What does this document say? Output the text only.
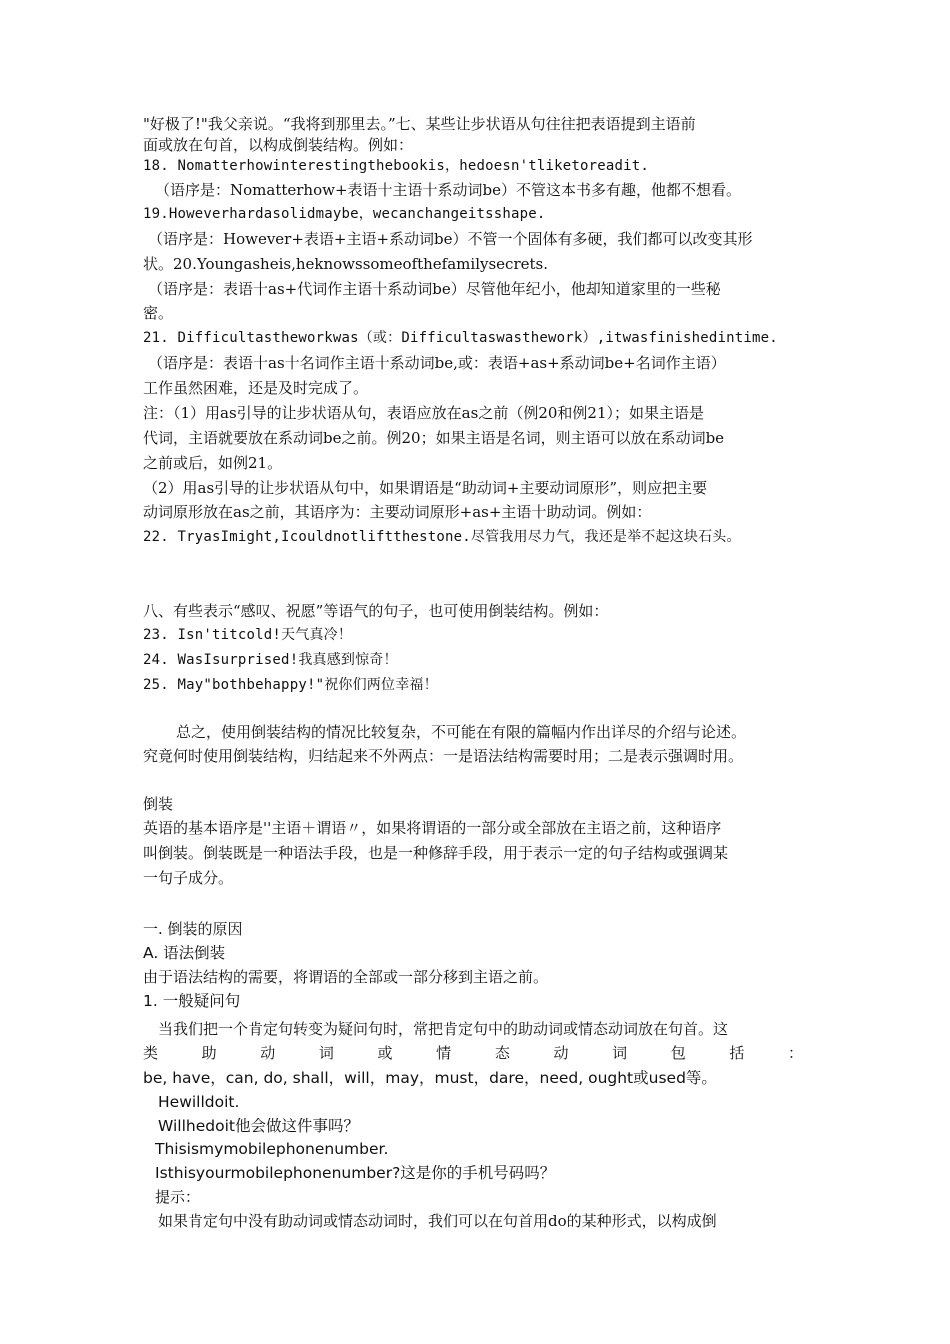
"好极了!"我父亲说。“我将到那里去。”七、某些让步状语从句往往把表语提到主语前
面或放在句首，以构成倒装结构。例如：
18. Nomatterhowinterestingthebookis，hedoesn'tliketoreadit.
（语序是：Nomatterhow+表语十主语十系动词be）不管这本书多有趣，他都不想看。
19.Howeverhardasolidmaybe，wecanchangeitsshape.
（语序是：However+表语+主语+系动词be）不管一个固体有多硬，我们都可以改变其形
状。20.Youngasheis,heknowssomeofthefamilysecrets.
（语序是：表语十as+代词作主语十系动词be）尽管他年纪小，他却知道家里的一些秘
密。
21. Difficultastheworkwas（或：Difficultaswasthework）,itwasfinishedintime.
（语序是：表语十as十名词作主语十系动词be,或：表语+as+系动词be+名词作主语）
工作虽然困难，还是及时完成了。
注：（1）用as引导的让步状语从句，表语应放在as之前（例20和例21）；如果主语是
代词，主语就要放在系动词be之前。例20；如果主语是名词，则主语可以放在系动词be
之前或后，如例21。
（2）用as引导的让步状语从句中，如果谓语是“助动词+主要动词原形”，则应把主要
动词原形放在as之前，其语序为：主要动词原形+as+主语十助动词。例如：
22. TryasImight,Icouldnotliftthestone.尽管我用尽力气，我还是举不起这块石头。
八、有些表示“感叹、祝愿”等语气的句子，也可使用倒装结构。例如：
23. Isn'titcold!天气真冷！
24. WasIsurprised!我真感到惊奇！
25. May"bothbehappy!"祝你们两位幸福！
总之，使用倒装结构的情况比较复杂，不可能在有限的篇幅内作出详尽的介绍与论述。
究竟何时使用倒装结构，归结起来不外两点：一是语法结构需要时用；二是表示强调时用。
倒装
英语的基本语序是''主语＋谓语〃，如果将谓语的一部分或全部放在主语之前，这种语序
叫倒装。倒装既是一种语法手段，也是一种修辞手段，用于表示一定的句子结构或强调某
一句子成分。
一. 倒装的原因
A. 语法倒装
由于语法结构的需要，将谓语的全部或一部分移到主语之前。
1. 一般疑问句
当我们把一个肯定句转变为疑问句时，常把肯定句中的助动词或情态动词放在句首。这
类 助 动 词 或 情 态 动 词 包 括 ：
be, have，can, do, shall，will，may，must，dare，need, ought或used等。
Hewilldoit.
Willhedoit他会做这件事吗？
Thisismymobilephonenumber.
Isthisyourmobilephonenumber?这是你的手机号码吗？
提示：
如果肯定句中没有助动词或情态动词时，我们可以在句首用do的某种形式，以构成倒
